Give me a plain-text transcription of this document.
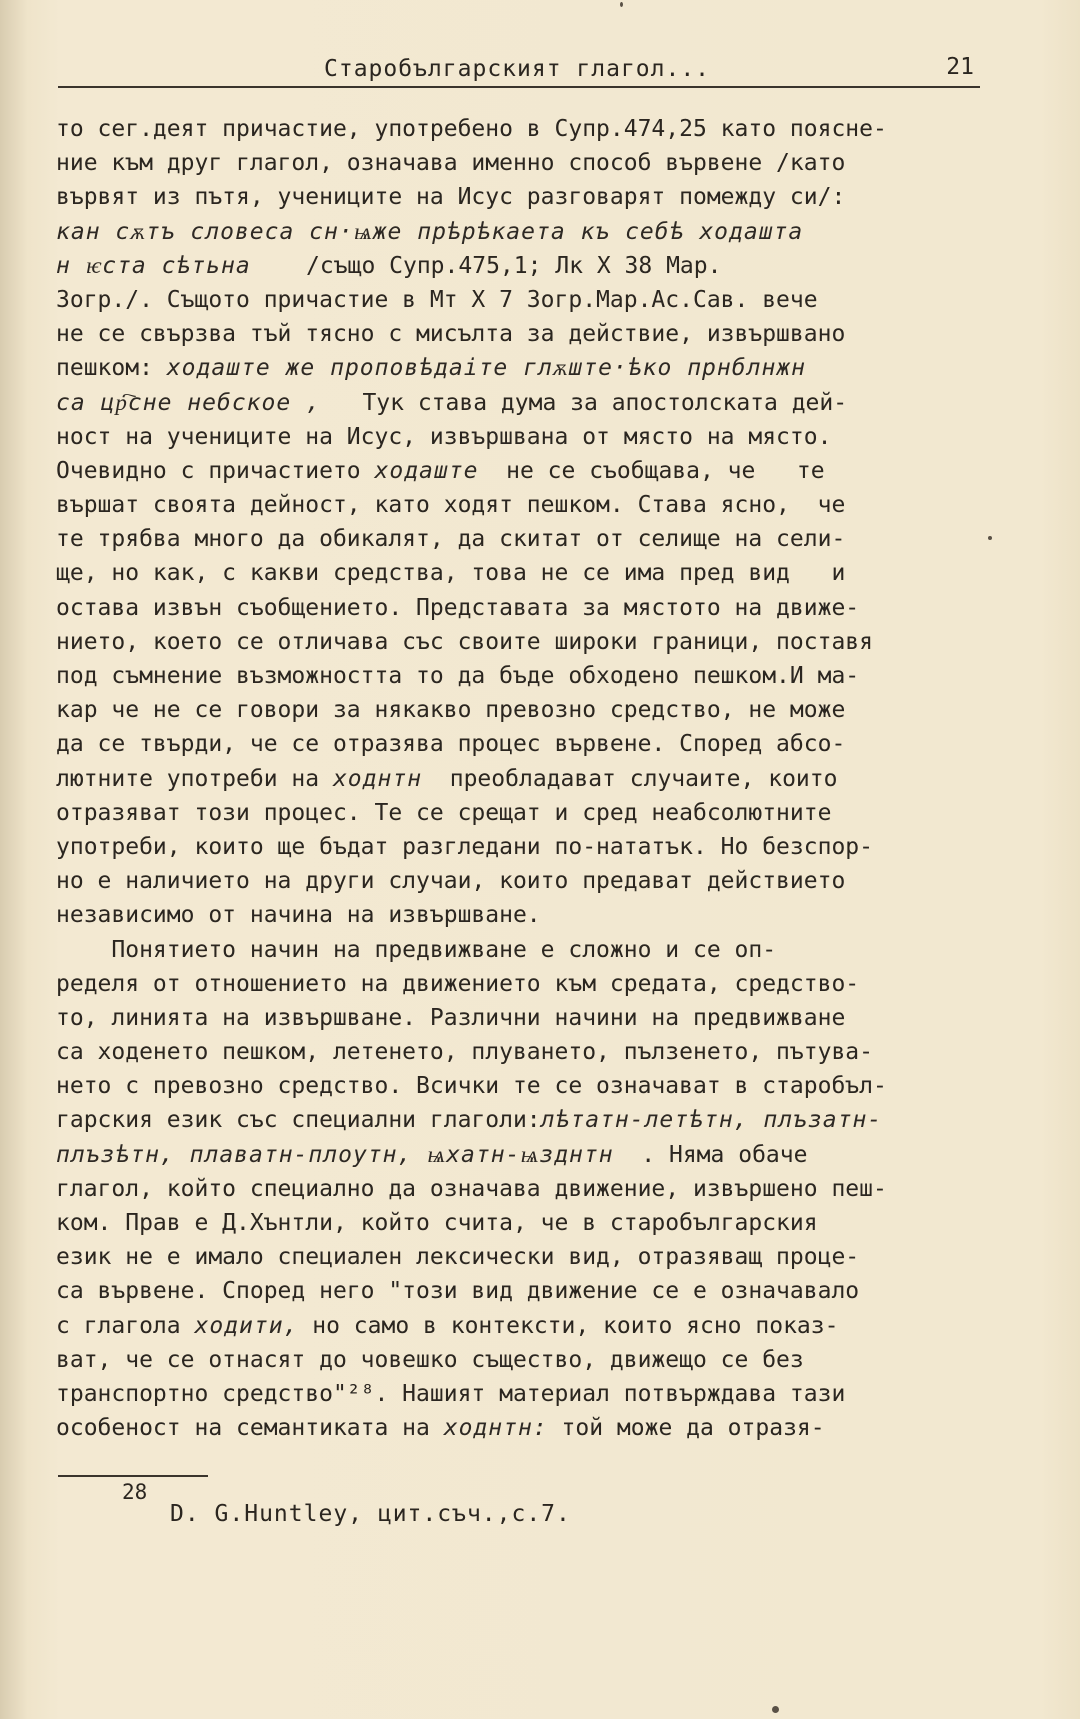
Старобългарският глагол...	21
то сег.деят причастие, употребено в Супр.474,25 като поясне-
ние към друг глагол, означава именно способ вървене /като
вървят из пътя, учениците на Исус разговарят помежду си/:
кан сѫтъ словеса сн·ѩже прѣрѣкаета къ себѣ ходашта
н ѥста сѣтьна    /също Супр.475,1; Лк X 38 Мар.
Зогр./. Същото причастие в Мт X 7 Зогр.Мар.Ас.Сав. вече
не се свързва тъй тясно с мисълта за действие, извършвано
пешком: ходаште же проповѣдаіте глѫште·ѣко прнблнжн
са цр҇сне небское ,   Тук става дума за апостолската дей-
ност на учениците на Исус, извършвана от място на място.
Очевидно с причастието ходаште  не се съобщава, че   те
вършат своята дейност, като ходят пешком. Става ясно,  че
те трябва много да обикалят, да скитат от селище на сели-
ще, но как, с какви средства, това не се има пред вид   и
остава извън съобщението. Представата за мястото на движе-
нието, което се отличава със своите широки граници, поставя
под съмнение възможността то да бъде обходено пешком.И ма-
кар че не се говори за някакво превозно средство, не може
да се твърди, че се отразява процес вървене. Според абсо-
лютните употреби на ходнтн  преобладават случаите, които
отразяват този процес. Те се срещат и сред неабсолютните
употреби, които ще бъдат разгледани по-нататък. Но безспор-
но е наличието на други случаи, които предават действието
независимо от начина на извършване.
Понятието начин на предвижване е сложно и се оп-
ределя от отношението на движението към средата, средство-
то, линията на извършване. Различни начини на предвижване
са ходенето пешком, летенето, плуването, пълзенето, пътува-
нето с превозно средство. Всички те се означават в старобъл-
гарския език със специални глаголи:лѣтатн-летѣтн, плъзатн-
плъзѣтн, плаватн-плоутн, ѩхатн-ѩзднтн  . Няма обаче
глагол, който специално да означава движение, извършено пеш-
ком. Прав е Д.Хънтли, който счита, че в старобългарския
език не е имало специален лексически вид, отразяващ проце-
са вървене. Според него "този вид движение се е означавало
с глагола ходити, но само в контексти, които ясно показ-
ват, че се отнасят до човешко същество, движещо се без
транспортно средство"²⁸. Нашият материал потвърждава тази
особеност на семантиката на ходнтн: той може да отразя-
28
D. G.Huntley, цит.съч.,с.7.
